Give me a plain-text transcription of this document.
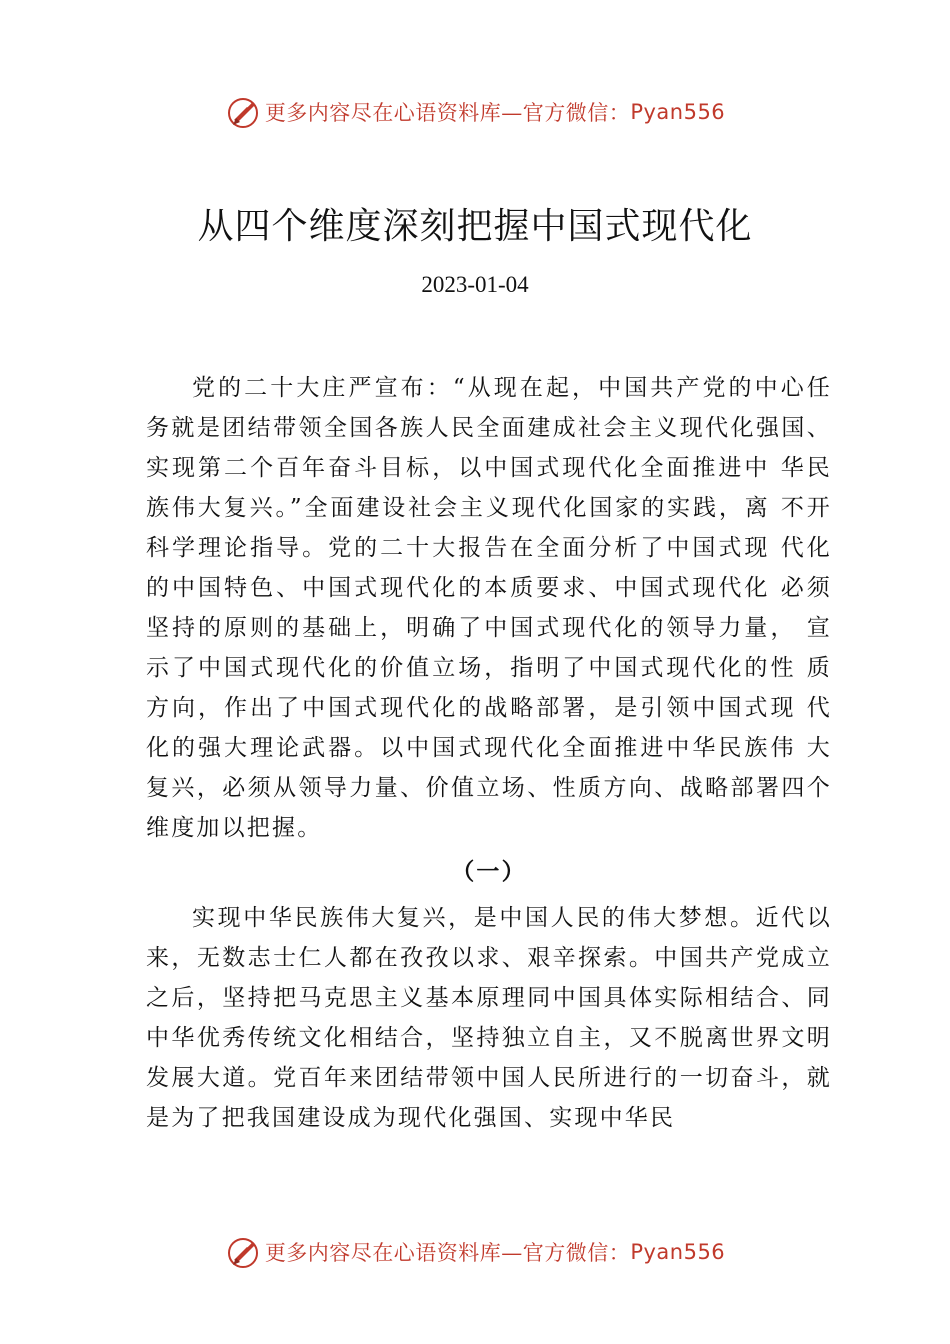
更多内容尽在心语资料库—官方微信： Pyan556
从四个维度深刻把握中国式现代化
2023-01-04

党的二十大庄严宣布：“从现在起，中国共产党的中心任 务就是团结带领全国各族人民全面建成社会主义现代化强国、实现第二个百年奋斗目标，以中国式现代化全面推进中 华民族伟大复兴。”全面建设社会主义现代化国家的实践，离 不开科学理论指导。党的二十大报告在全面分析了中国式现 代化的中国特色、中国式现代化的本质要求、中国式现代化 必须坚持的原则的基础上，明确了中国式现代化的领导力量， 宣示了中国式现代化的价值立场，指明了中国式现代化的性 质方向，作出了中国式现代化的战略部署，是引领中国式现 代化的强大理论武器。以中国式现代化全面推进中华民族伟 大复兴，必须从领导力量、价值立场、性质方向、战略部署四个维度加以把握。

（一）

实现中华民族伟大复兴，是中国人民的伟大梦想。近代以来，无数志士仁人都在孜孜以求、艰辛探索。中国共产党成立之后，坚持把马克思主义基本原理同中国具体实际相结合、同中华优秀传统文化相结合，坚持独立自主，又不脱离世界文明发展大道。党百年来团结带领中国人民所进行的一切奋斗，就是为了把我国建设成为现代化强国、实现中华民

更多内容尽在心语资料库—官方微信： Pyan556
